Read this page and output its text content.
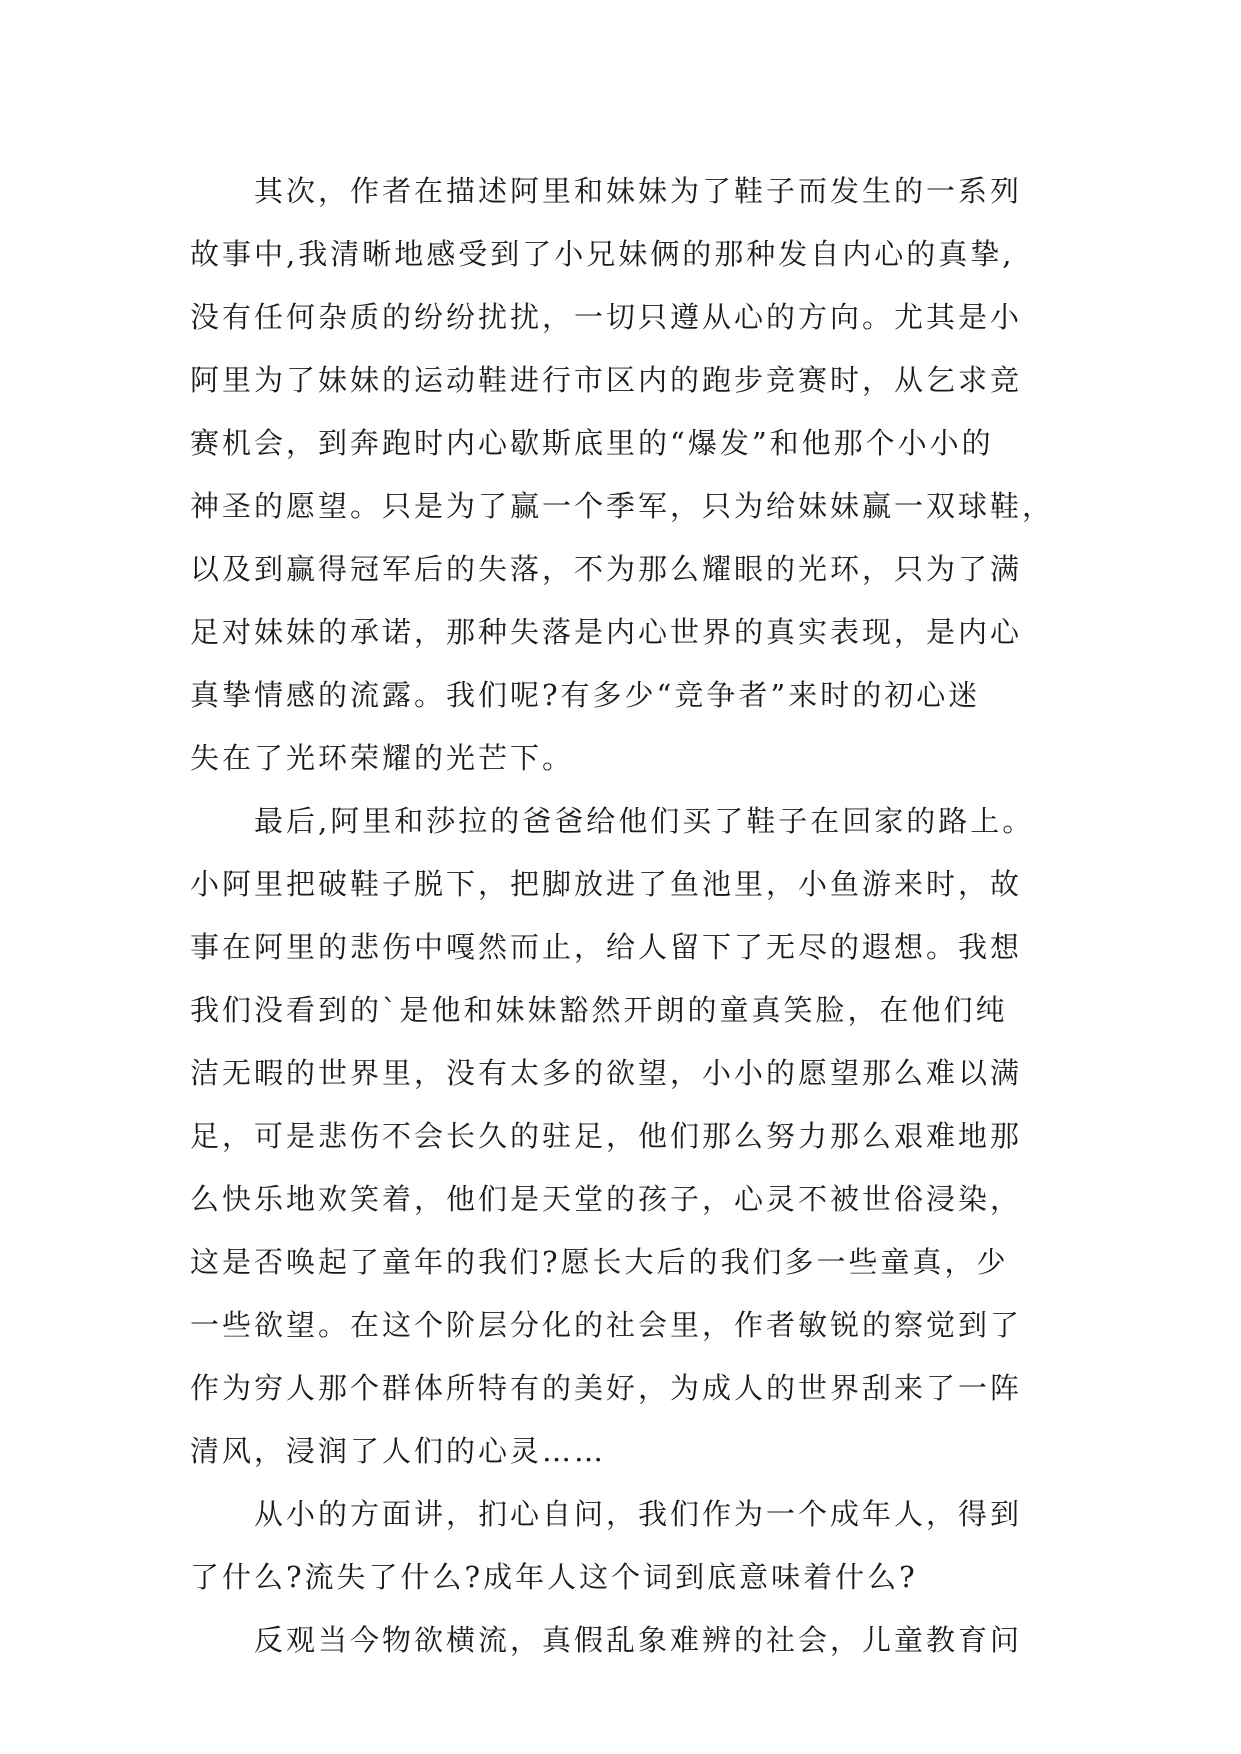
其次，作者在描述阿里和妹妹为了鞋子而发生的一系列
故事中,我清晰地感受到了小兄妹俩的那种发自内心的真挚,
没有任何杂质的纷纷扰扰，一切只遵从心的方向。尤其是小
阿里为了妹妹的运动鞋进行市区内的跑步竞赛时，从乞求竞
赛机会，到奔跑时内心歇斯底里的“爆发”和他那个小小的
神圣的愿望。只是为了赢一个季军，只为给妹妹赢一双球鞋，
以及到赢得冠军后的失落，不为那么耀眼的光环，只为了满
足对妹妹的承诺，那种失落是内心世界的真实表现，是内心
真挚情感的流露。我们呢?有多少“竞争者”来时的初心迷
失在了光环荣耀的光芒下。
最后,阿里和莎拉的爸爸给他们买了鞋子在回家的路上。
小阿里把破鞋子脱下，把脚放进了鱼池里，小鱼游来时，故
事在阿里的悲伤中嘎然而止，给人留下了无尽的遐想。我想
我们没看到的`是他和妹妹豁然开朗的童真笑脸，在他们纯
洁无暇的世界里，没有太多的欲望，小小的愿望那么难以满
足，可是悲伤不会长久的驻足，他们那么努力那么艰难地那
么快乐地欢笑着，他们是天堂的孩子，心灵不被世俗浸染，
这是否唤起了童年的我们?愿长大后的我们多一些童真，少
一些欲望。在这个阶层分化的社会里，作者敏锐的察觉到了
作为穷人那个群体所特有的美好，为成人的世界刮来了一阵
清风，浸润了人们的心灵……
从小的方面讲，扪心自问，我们作为一个成年人，得到
了什么?流失了什么?成年人这个词到底意味着什么?
反观当今物欲横流，真假乱象难辨的社会，儿童教育问
